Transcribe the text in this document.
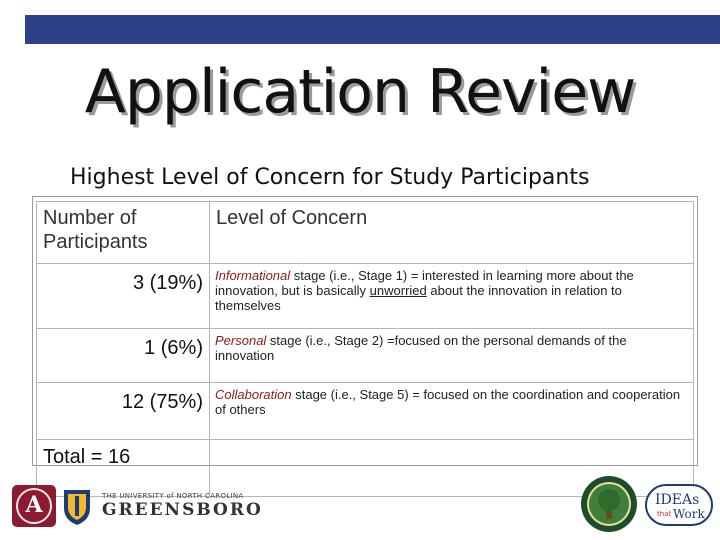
Application Review
Highest Level of Concern for Study Participants
Number of Participants	Level of Concern
3 (19%)	Informational stage (i.e., Stage 1) = interested in learning more about the innovation, but is basically unworried about the innovation in relation to themselves
1 (6%)	Personal stage (i.e., Stage 2) =focused on the personal demands of the innovation
12 (75%)	Collaboration stage (i.e., Stage 5) = focused on the coordination and cooperation of others
Total = 16	
A	THE UNIVERSITY of NORTH CAROLINA
GREENSBORO	IDEAs
that Work
